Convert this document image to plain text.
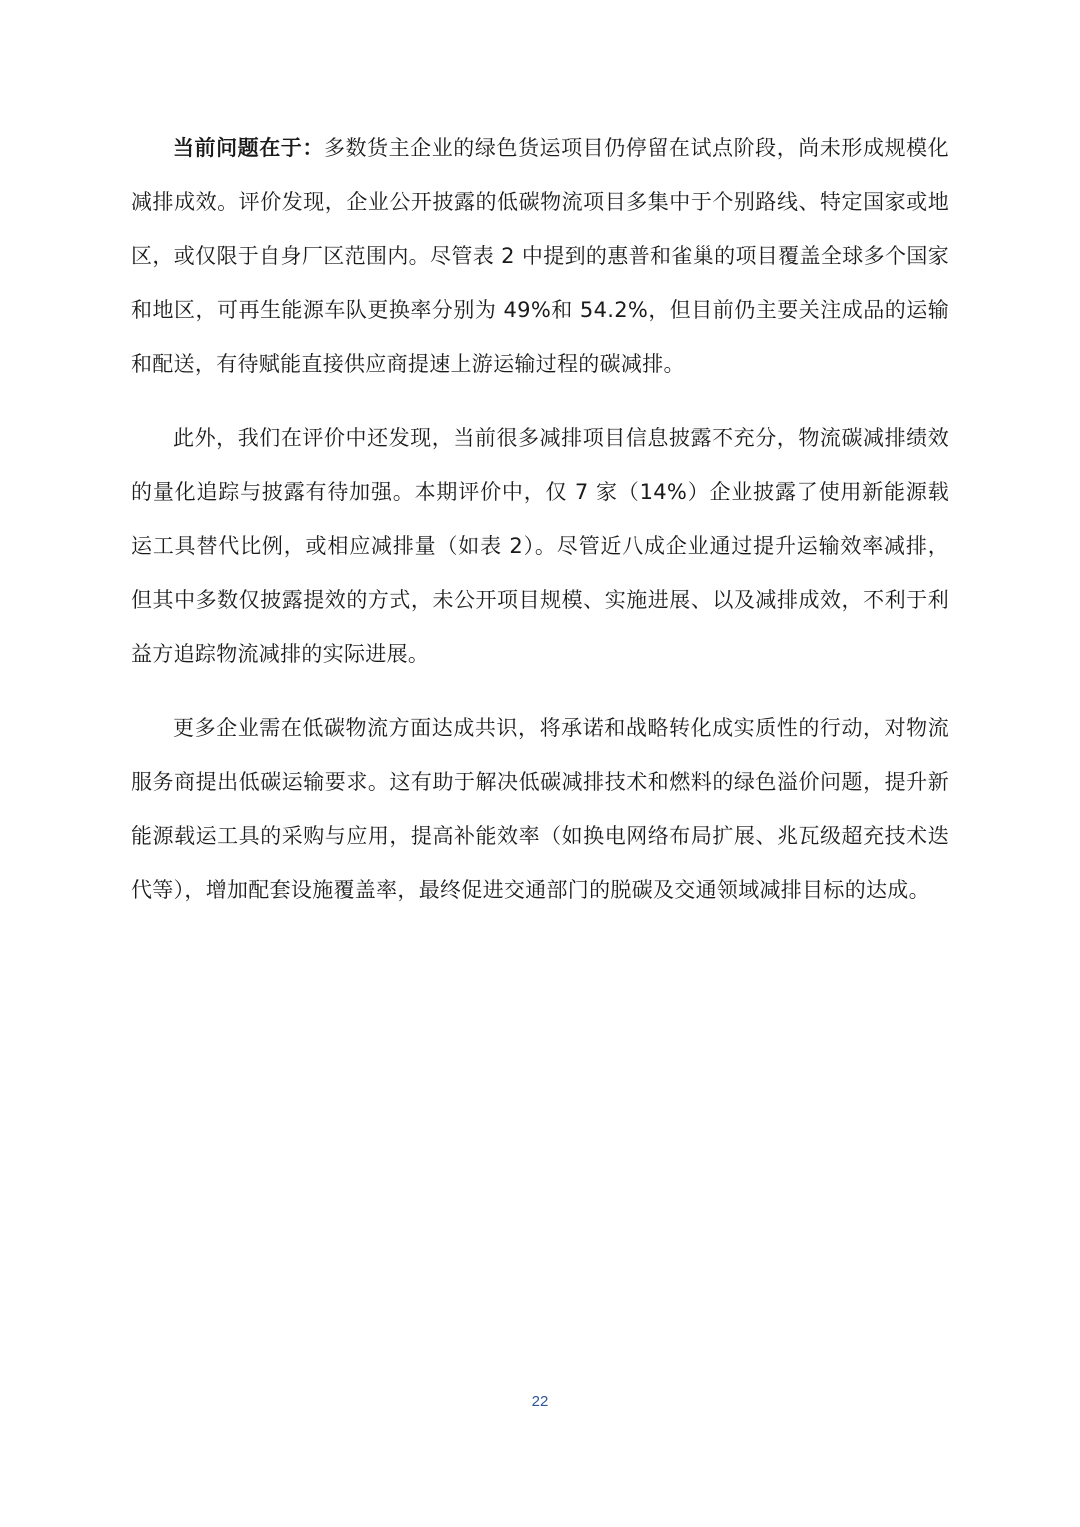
当前问题在于：多数货主企业的绿色货运项目仍停留在试点阶段，尚未形成规模化减排成效。评价发现，企业公开披露的低碳物流项目多集中于个别路线、特定国家或地区，或仅限于自身厂区范围内。尽管表 2 中提到的惠普和雀巢的项目覆盖全球多个国家和地区，可再生能源车队更换率分别为 49%和 54.2%，但目前仍主要关注成品的运输和配送，有待赋能直接供应商提速上游运输过程的碳减排。

此外，我们在评价中还发现，当前很多减排项目信息披露不充分，物流碳减排绩效的量化追踪与披露有待加强。本期评价中，仅 7 家（14%）企业披露了使用新能源载运工具替代比例，或相应减排量（如表 2）。尽管近八成企业通过提升运输效率减排，但其中多数仅披露提效的方式，未公开项目规模、实施进展、以及减排成效，不利于利益方追踪物流减排的实际进展。

更多企业需在低碳物流方面达成共识，将承诺和战略转化成实质性的行动，对物流服务商提出低碳运输要求。这有助于解决低碳减排技术和燃料的绿色溢价问题，提升新能源载运工具的采购与应用，提高补能效率（如换电网络布局扩展、兆瓦级超充技术迭代等），增加配套设施覆盖率，最终促进交通部门的脱碳及交通领域减排目标的达成。

22
